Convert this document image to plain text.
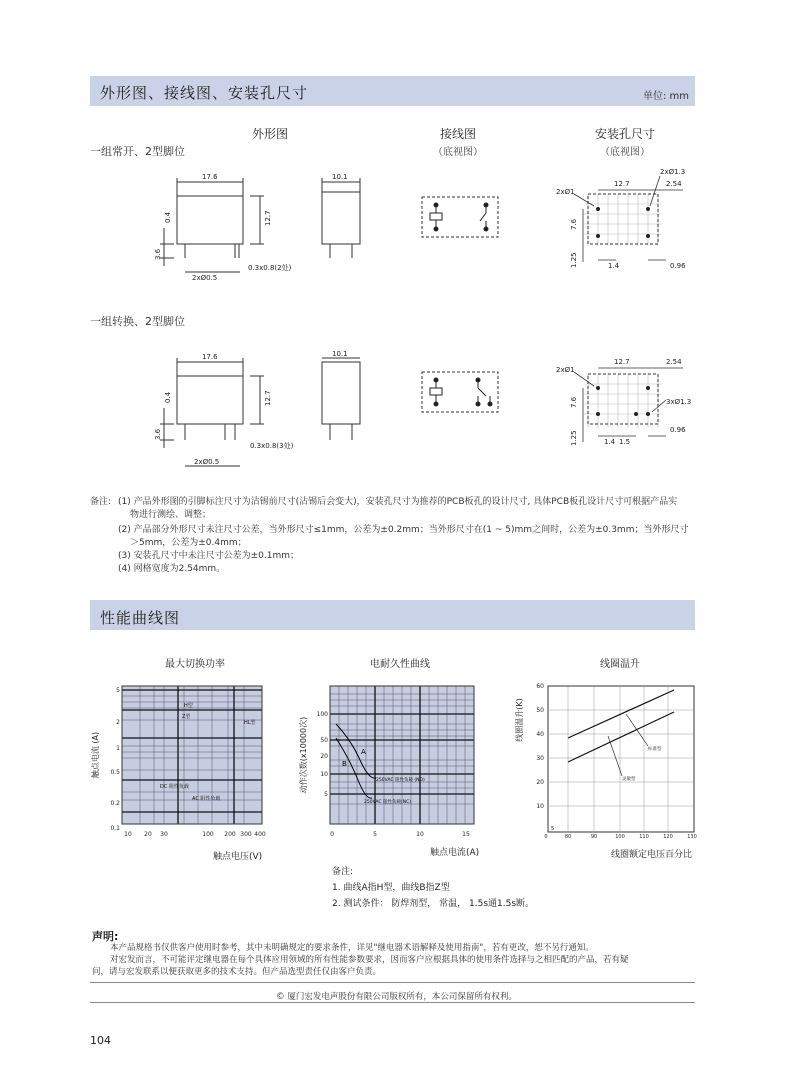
外形图、接线图、安装孔尺寸	单位: mm
外形图	接线图
（底视图）
安装孔尺寸
（底视图）
一组常开、2型脚位
一组转换、2型脚位
17.6	10.1
12.7
0.4
3.6
2xØ0.5
0.3x0.8(2处)
2xØ1
2xØ1.3
12.7	2.54
7.6
1.25	1.4	0.96
17.6	10.1
12.7
0.4
3.6
2xØ0.5
0.3x0.8(3处)
2xØ1
12.7	2.54
3xØ1.3
7.6
1.25	1.4 1.5
0.96
备注: (1) 产品外形图的引脚标注尺寸为沾锡前尺寸(沾锡后会变大)，安装孔尺寸为推荐的PCB板孔的设计尺寸, 具体PCB板孔设计尺寸可根据产品实
物进行测绘、调整；
(2) 产品部分外形尺寸未注尺寸公差，当外形尺寸≤1mm，公差为±0.2mm；当外形尺寸在(1 ~ 5)mm之间时，公差为±0.3mm；当外形尺寸
＞5mm，公差为±0.4mm；
(3) 安装孔尺寸中未注尺寸公差为±0.1mm；
(4) 网格宽度为2.54mm。
性能曲线图
最大切换功率	电耐久性曲线	线圈温升
5
2
1
0.5
0.2
0.1
10 20 30	100 200 300 400
H型
Z型
HL型
DC 阻性负载
AC 阻性负载
触点电流 (A)
触点电压(V)
100
50
20
10
5
0	5	10	15
A
B
250VAC 阻性负载 (NO)
250VAC 阻性负载(NC)
动作次数(x10000次)
触点电流(A)
60
50
40
30
20
10
0	80	90	100	110	120	130
5
标准型
灵敏型
线圈温升(K)
线圈额定电压百分比
备注:
1. 曲线A指H型，曲线B指Z型
2. 测试条件： 防焊剂型， 常温， 1.5s通1.5s断。
声明:
本产品规格书仅供客户使用时参考，其中未明确规定的要求条件，详见"继电器术语解释及使用指南"，若有更改，恕不另行通知。
对宏发而言，不可能评定继电器在每个具体应用领域的所有性能参数要求，因而客户应根据具体的使用条件选择与之相匹配的产品，若有疑
问，请与宏发联系以便获取更多的技术支持。但产品选型责任仅由客户负责。
© 厦门宏发电声股份有限公司版权所有，本公司保留所有权利。
104
